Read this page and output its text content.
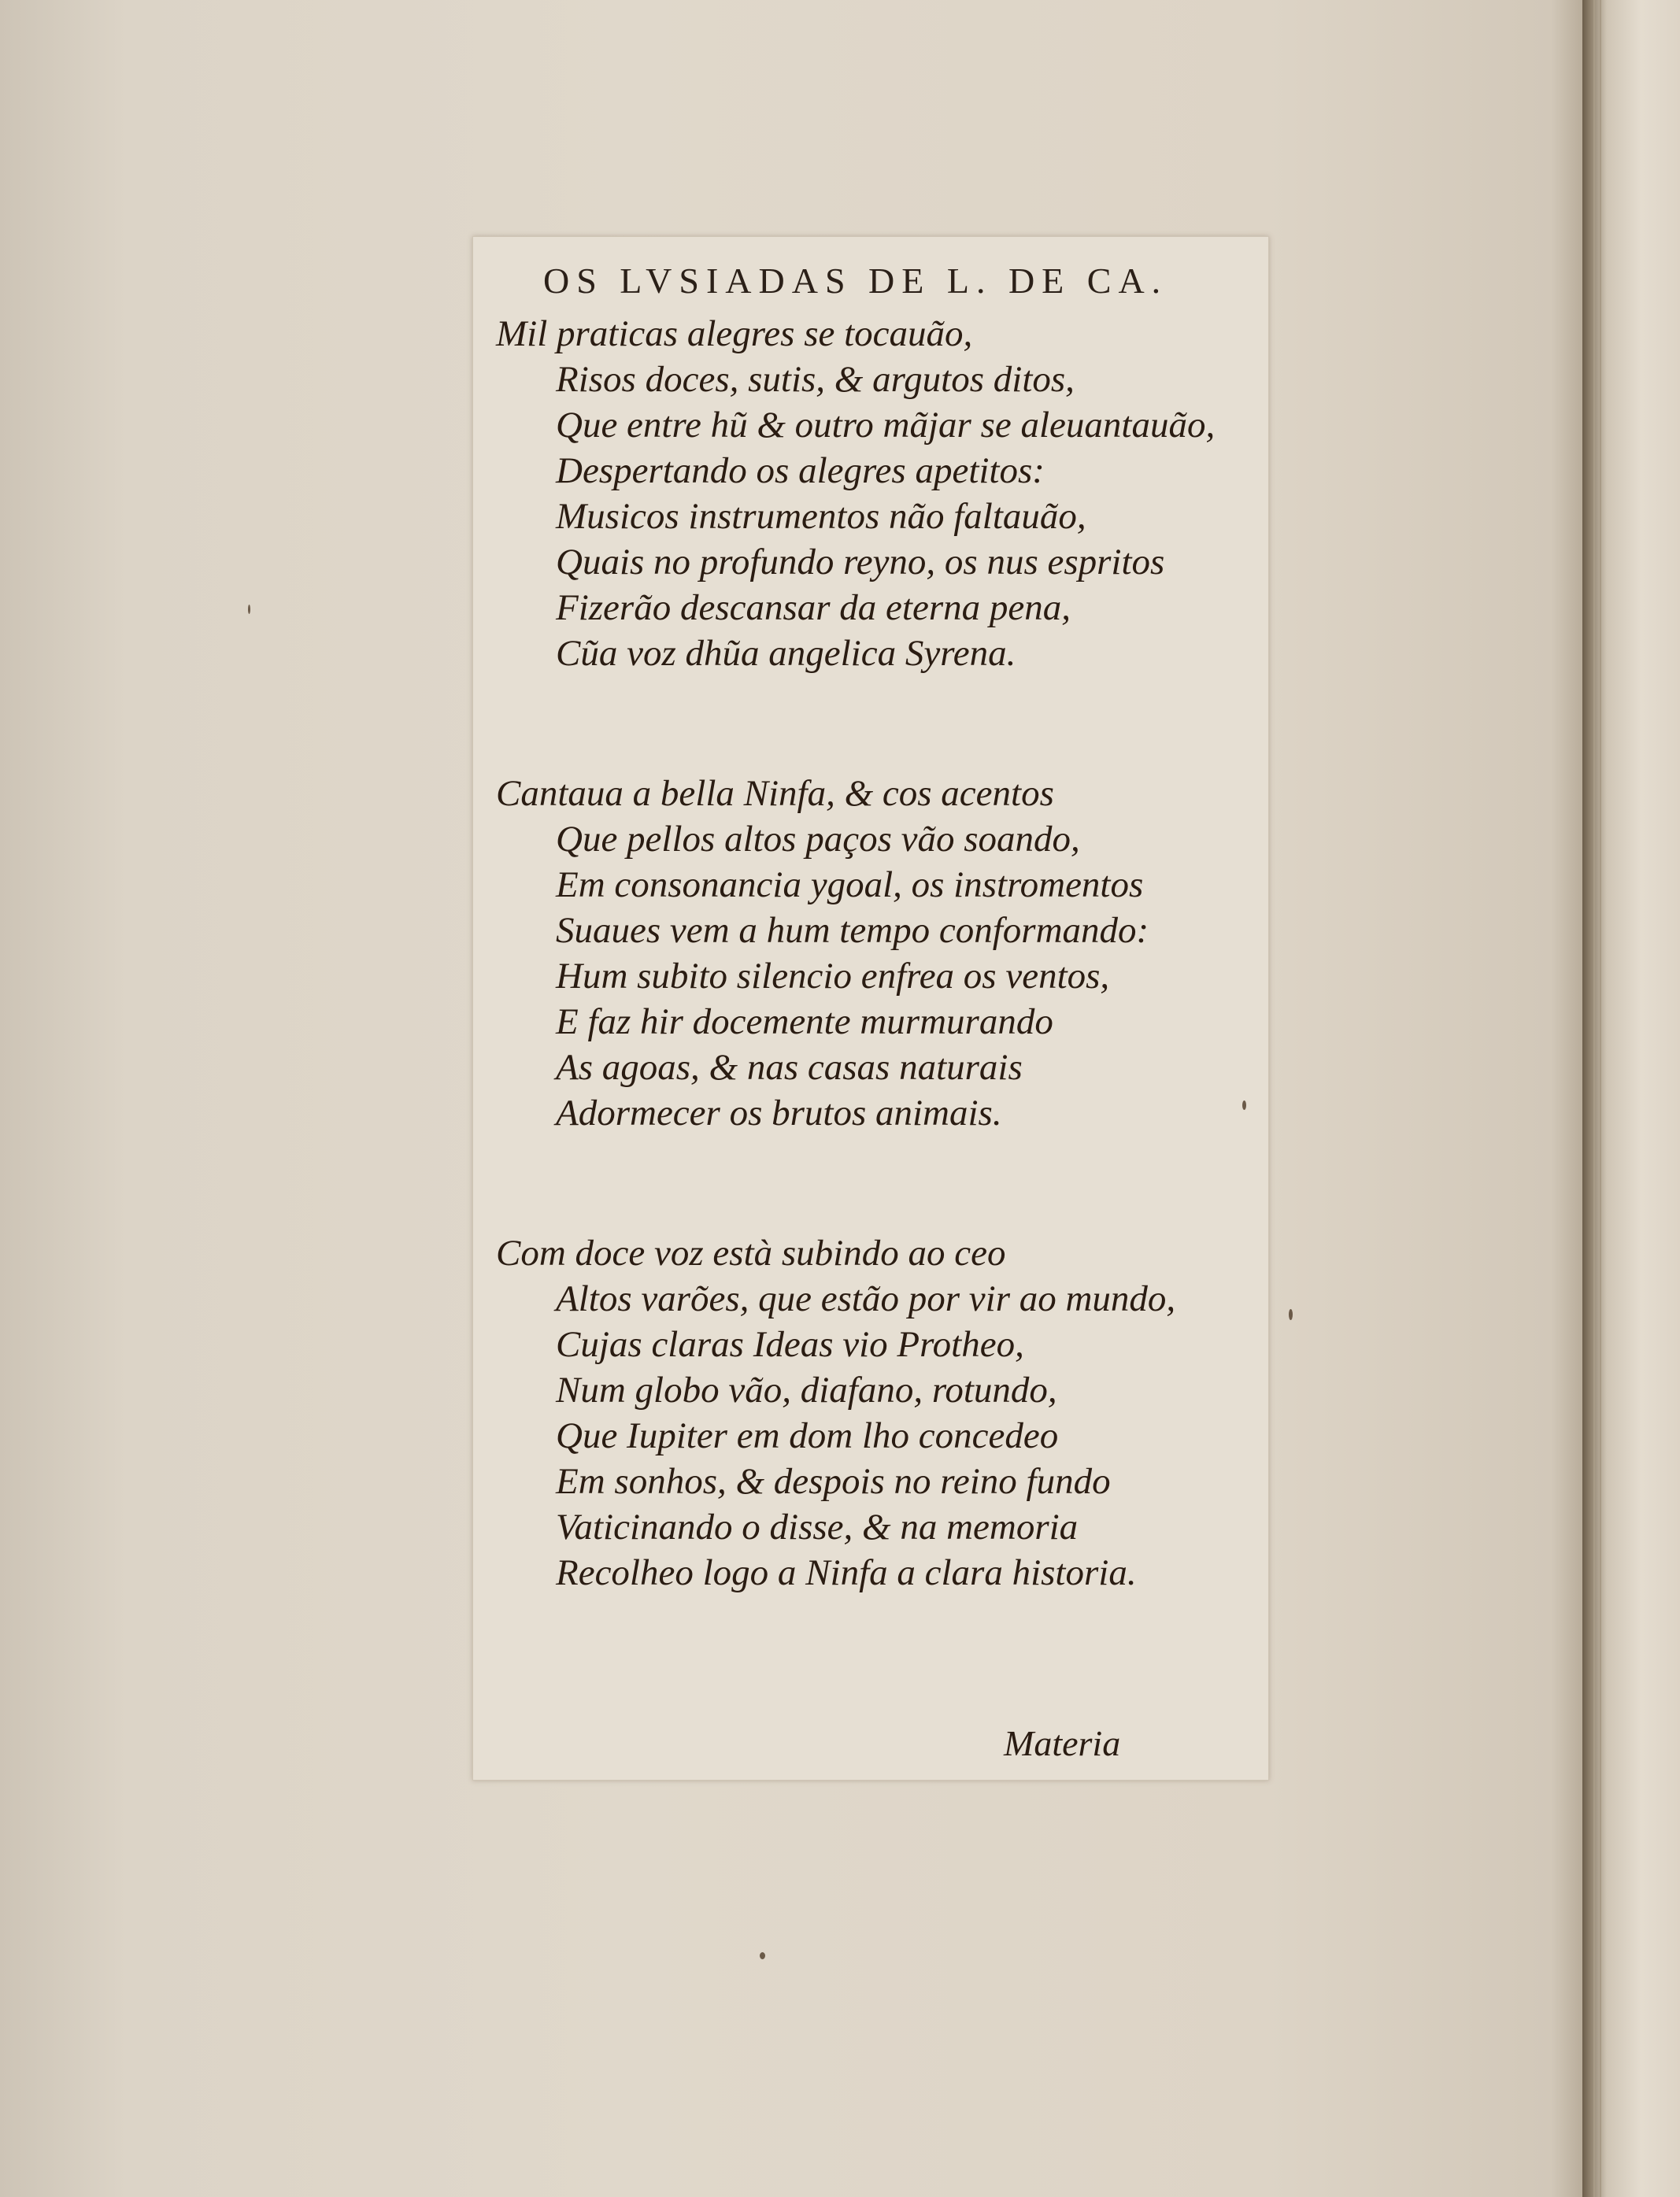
OS LVSIADAS DE L. DE CA.
Mil praticas alegres se tocauão,
Risos doces, sutis, & argutos ditos,
Que entre hũ & outro mãjar se aleuantauão,
Despertando os alegres apetitos:
Musicos instrumentos não faltauão,
Quais no profundo reyno, os nus espritos
Fizerão descansar da eterna pena,
Cũa voz dhũa angelica Syrena.
Cantaua a bella Ninfa, & cos acentos
Que pellos altos paços vão soando,
Em consonancia ygoal, os instromentos
Suaues vem a hum tempo conformando:
Hum subito silencio enfrea os ventos,
E faz hir docemente murmurando
As agoas, & nas casas naturais
Adormecer os brutos animais.
Com doce voz està subindo ao ceo
Altos varões, que estão por vir ao mundo,
Cujas claras Ideas vio Protheo,
Num globo vão, diafano, rotundo,
Que Iupiter em dom lho concedeo
Em sonhos, & despois no reino fundo
Vaticinando o disse, & na memoria
Recolheo logo a Ninfa a clara historia.
Materia
